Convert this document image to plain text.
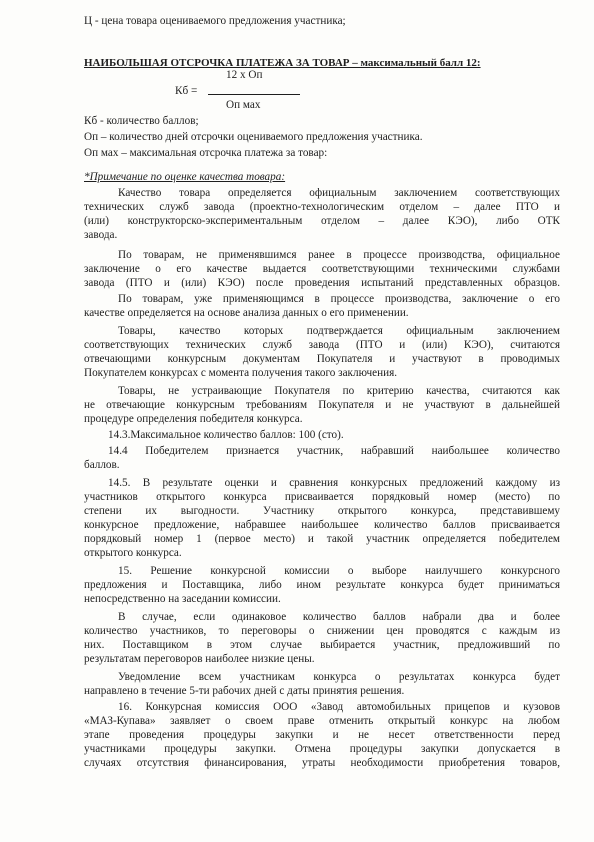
Ц - цена товара оцениваемого предложения участника;
НАИБОЛЬШАЯ ОТСРОЧКА ПЛАТЕЖА ЗА ТОВАР – максимальный балл 12:
12 х Оп
Кб =
Оп мах
Кб - количество баллов;
Оп – количество дней отсрочки оцениваемого предложения участника.
Оп мах – максимальная отсрочка платежа за товар:
*Примечание по оценке качества товара:
Качество товара определяется официальным заключением соответствующих
технических служб завода (проектно-технологическим отделом – далее ПТО и
(или) конструкторско-экспериментальным отделом – далее КЭО), либо ОТК
завода.
По товарам, не применявшимся ранее в процессе производства, официальное
заключение о его качестве выдается соответствующими техническими службами
завода (ПТО и (или) КЭО) после проведения испытаний представленных образцов.
По товарам, уже применяющимся в процессе производства, заключение о его
качестве определяется на основе анализа данных о его применении.
Товары, качество которых подтверждается официальным заключением
соответствующих технических служб завода (ПТО и (или) КЭО), считаются
отвечающими конкурсным документам Покупателя и участвуют в проводимых
Покупателем конкурсах с момента получения такого заключения.
Товары, не устраивающие Покупателя по критерию качества, считаются как
не отвечающие конкурсным требованиям Покупателя и не участвуют в дальнейшей
процедуре определения победителя конкурса.
14.3.Максимальное количество баллов: 100 (сто).
14.4 Победителем признается участник, набравший наибольшее количество
баллов.
14.5. В результате оценки и сравнения конкурсных предложений каждому из
участников открытого конкурса присваивается порядковый номер (место) по
степени их выгодности. Участнику открытого конкурса, представившему
конкурсное предложение, набравшее наибольшее количество баллов присваивается
порядковый номер 1 (первое место) и такой участник определяется победителем
открытого конкурса.
15. Решение конкурсной комиссии о выборе наилучшего конкурсного
предложения и Поставщика, либо ином результате конкурса будет приниматься
непосредственно на заседании комиссии.
В случае, если одинаковое количество баллов набрали два и более
количество участников, то переговоры о снижении цен проводятся с каждым из
них. Поставщиком в этом случае выбирается участник, предложивший по
результатам переговоров наиболее низкие цены.
Уведомление всем участникам конкурса о результатах конкурса будет
направлено в течение 5-ти рабочих дней с даты принятия решения.
16. Конкурсная комиссия ООО «Завод автомобильных прицепов и кузовов
«МАЗ-Купава» заявляет о своем праве отменить открытый конкурс на любом
этапе проведения процедуры закупки и не несет ответственности перед
участниками процедуры закупки. Отмена процедуры закупки допускается в
случаях отсутствия финансирования, утраты необходимости приобретения товаров,
